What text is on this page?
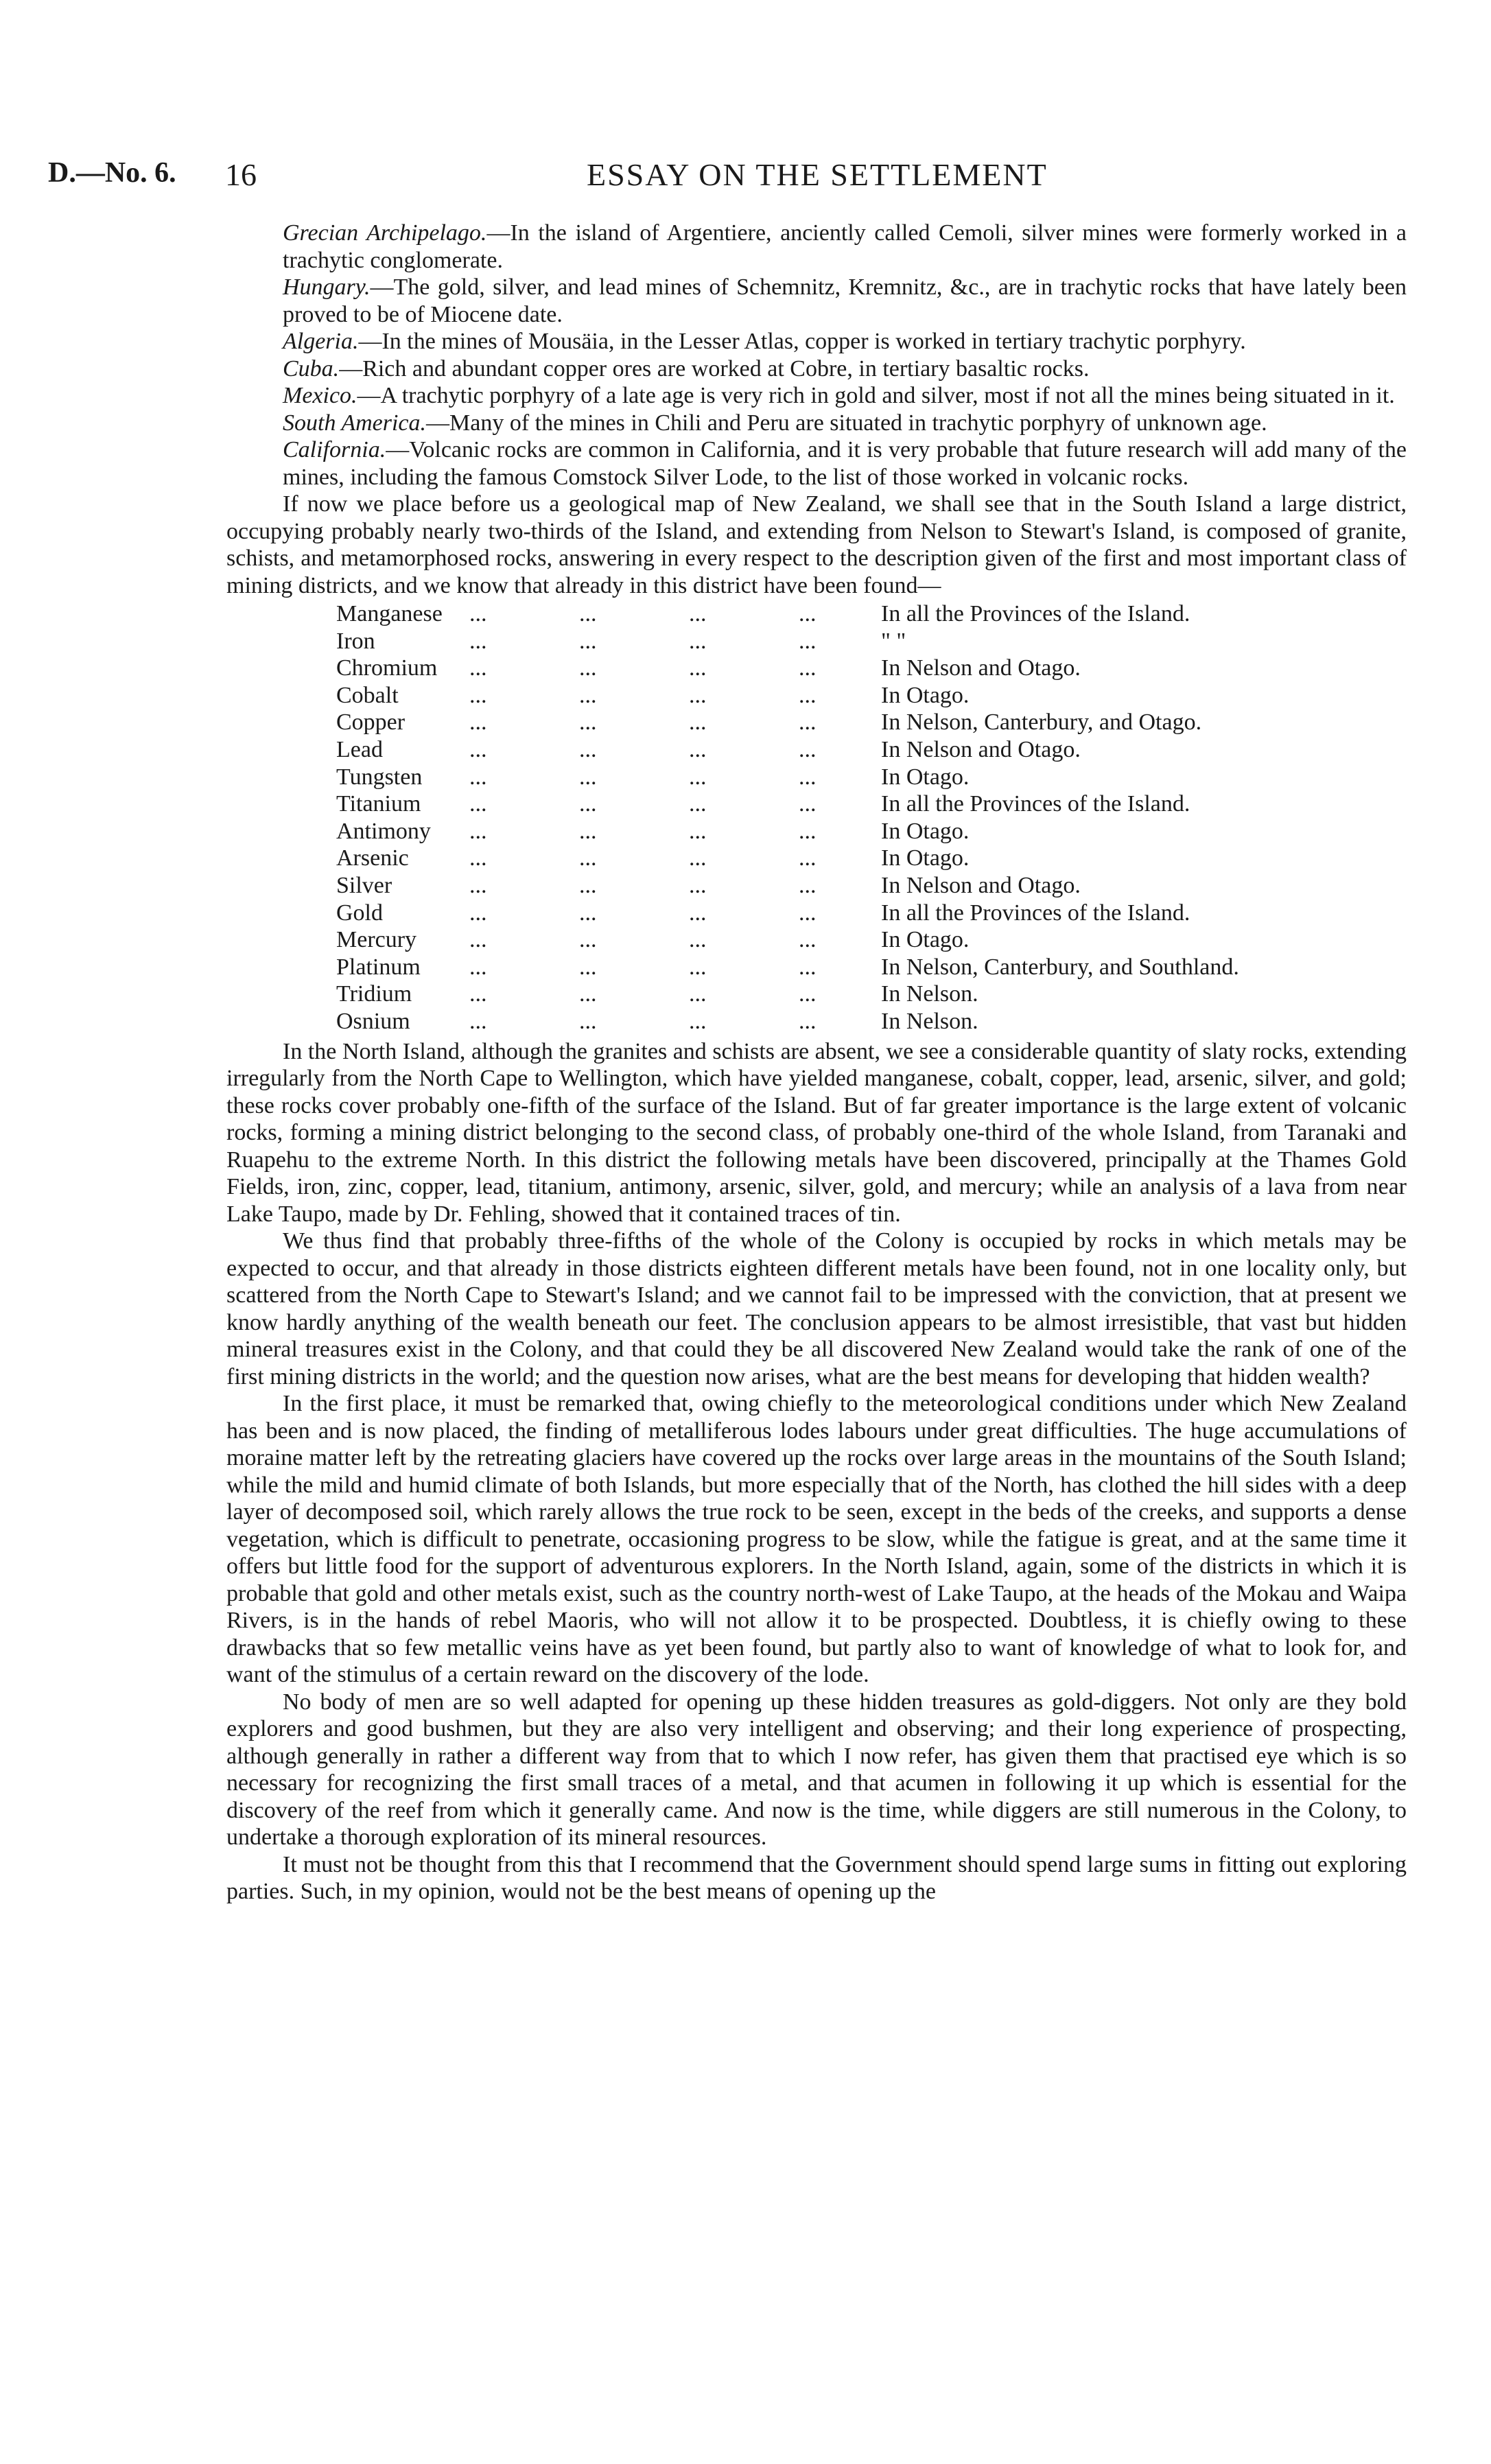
D.—No. 6. 16	ESSAY ON THE SETTLEMENT

Grecian Archipelago.—In the island of Argentiere, anciently called Cemoli, silver mines were formerly worked in a trachytic conglomerate.

Hungary.—The gold, silver, and lead mines of Schemnitz, Kremnitz, &c., are in trachytic rocks that have lately been proved to be of Miocene date.

Algeria.—In the mines of Mousäia, in the Lesser Atlas, copper is worked in tertiary trachytic porphyry.

Cuba.—Rich and abundant copper ores are worked at Cobre, in tertiary basaltic rocks.

Mexico.—A trachytic porphyry of a late age is very rich in gold and silver, most if not all the mines being situated in it.

South America.—Many of the mines in Chili and Peru are situated in trachytic porphyry of unknown age.

California.—Volcanic rocks are common in California, and it is very probable that future research will add many of the mines, including the famous Comstock Silver Lode, to the list of those worked in volcanic rocks.

If now we place before us a geological map of New Zealand, we shall see that in the South Island a large district, occupying probably nearly two-thirds of the Island, and extending from Nelson to Stewart's Island, is composed of granite, schists, and metamorphosed rocks, answering in every respect to the description given of the first and most important class of mining districts, and we know that already in this district have been found—

Manganese	...	...	...	...	In all the Provinces of the Island.
Iron	...	...	...	...	" "
Chromium	...	...	...	...	In Nelson and Otago.
Cobalt	...	...	...	...	In Otago.
Copper	...	...	...	...	In Nelson, Canterbury, and Otago.
Lead	...	...	...	...	In Nelson and Otago.
Tungsten	...	...	...	...	In Otago.
Titanium	...	...	...	...	In all the Provinces of the Island.
Antimony	...	...	...	...	In Otago.
Arsenic	...	...	...	...	In Otago.
Silver	...	...	...	...	In Nelson and Otago.
Gold	...	...	...	...	In all the Provinces of the Island.
Mercury	...	...	...	...	In Otago.
Platinum	...	...	...	...	In Nelson, Canterbury, and Southland.
Tridium	...	...	...	...	In Nelson.
Osnium	...	...	...	...	In Nelson.

In the North Island, although the granites and schists are absent, we see a considerable quantity of slaty rocks, extending irregularly from the North Cape to Wellington, which have yielded manganese, cobalt, copper, lead, arsenic, silver, and gold; these rocks cover probably one-fifth of the surface of the Island. But of far greater importance is the large extent of volcanic rocks, forming a mining district belonging to the second class, of probably one-third of the whole Island, from Taranaki and Ruapehu to the extreme North. In this district the following metals have been discovered, principally at the Thames Gold Fields, iron, zinc, copper, lead, titanium, antimony, arsenic, silver, gold, and mercury; while an analysis of a lava from near Lake Taupo, made by Dr. Fehling, showed that it contained traces of tin.

We thus find that probably three-fifths of the whole of the Colony is occupied by rocks in which metals may be expected to occur, and that already in those districts eighteen different metals have been found, not in one locality only, but scattered from the North Cape to Stewart's Island; and we cannot fail to be impressed with the conviction, that at present we know hardly anything of the wealth beneath our feet. The conclusion appears to be almost irresistible, that vast but hidden mineral treasures exist in the Colony, and that could they be all discovered New Zealand would take the rank of one of the first mining districts in the world; and the question now arises, what are the best means for developing that hidden wealth?

In the first place, it must be remarked that, owing chiefly to the meteorological conditions under which New Zealand has been and is now placed, the finding of metalliferous lodes labours under great difficulties. The huge accumulations of moraine matter left by the retreating glaciers have covered up the rocks over large areas in the mountains of the South Island; while the mild and humid climate of both Islands, but more especially that of the North, has clothed the hill sides with a deep layer of decomposed soil, which rarely allows the true rock to be seen, except in the beds of the creeks, and supports a dense vegetation, which is difficult to penetrate, occasioning progress to be slow, while the fatigue is great, and at the same time it offers but little food for the support of adventurous explorers. In the North Island, again, some of the districts in which it is probable that gold and other metals exist, such as the country north-west of Lake Taupo, at the heads of the Mokau and Waipa Rivers, is in the hands of rebel Maoris, who will not allow it to be prospected. Doubtless, it is chiefly owing to these drawbacks that so few metallic veins have as yet been found, but partly also to want of knowledge of what to look for, and want of the stimulus of a certain reward on the discovery of the lode.

No body of men are so well adapted for opening up these hidden treasures as gold-diggers. Not only are they bold explorers and good bushmen, but they are also very intelligent and observing; and their long experience of prospecting, although generally in rather a different way from that to which I now refer, has given them that practised eye which is so necessary for recognizing the first small traces of a metal, and that acumen in following it up which is essential for the discovery of the reef from which it generally came. And now is the time, while diggers are still numerous in the Colony, to undertake a thorough exploration of its mineral resources.

It must not be thought from this that I recommend that the Government should spend large sums in fitting out exploring parties. Such, in my opinion, would not be the best means of opening up the
